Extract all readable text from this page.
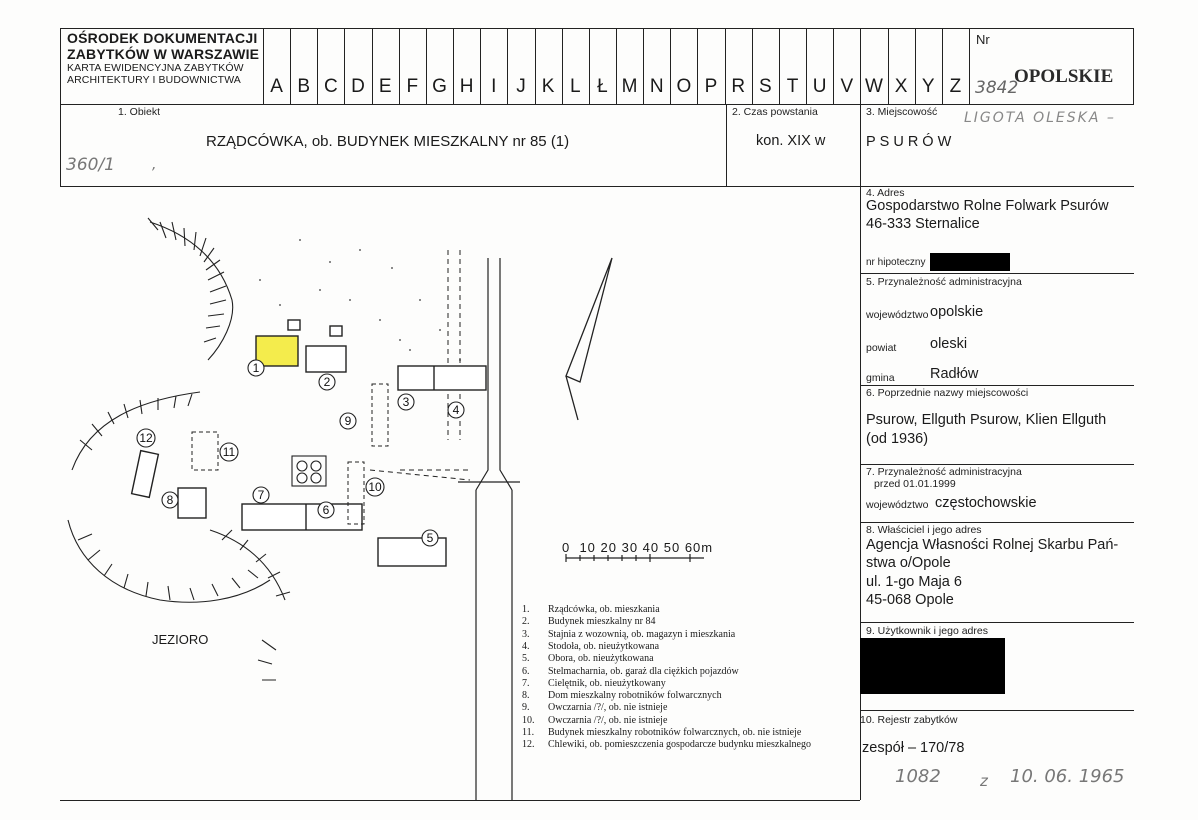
OŚRODEK DOKUMENTACJI
ZABYTKÓW W WARSZAWIE
KARTA EWIDENCYJNA ZABYTKÓW
ARCHITEKTURY I BUDOWNICTWA	A B C D E F G H I	J K L Ł M N O P R S T U V W X Y Z
Nr
3842
OPOLSKIE
1. Obiekt
RZĄDCÓWKA, ob. BUDYNEK MIESZKALNY nr 85 (1)
360/1	,
2. Czas powstania
kon. XIX w
3. Miejscowość
PSURÓW
LIGOTA OLESKA –
4. Adres
Gospodarstwo Rolne Folwark Psurów
46-333 Sternalice
nr hipoteczny
5. Przynależność administracyjna
województwo opolskie
powiat oleski
gmina Radłów
6. Poprzednie nazwy miejscowości
Psurow, Ellguth Psurow, Klien Ellguth
(od 1936)
7. Przynależność administracyjna
przed 01.01.1999
województwo częstochowskie
8. Właściciel i jego adres
Agencja Własności Rolnej Skarbu Pań-
stwa o/Opole
ul. 1-go Maja 6
45-068 Opole
9. Użytkownik i jego adres
10. Rejestr zabytków
zespół – 170/78
1082	z 10. 06. 1965
1
2
3
4
5
6
7
8
9
10
11
12
0  10 20 30 40 50 60m
JEZIORO
1. Rządcówka, ob. mieszkania
2. Budynek mieszkalny nr 84
3. Stajnia z wozownią, ob. magazyn i mieszkania
4. Stodoła, ob. nieużytkowana
5. Obora, ob. nieużytkowana
6. Stelmacharnia, ob. garaż dla ciężkich pojazdów
7. Cielętnik, ob. nieużytkowany
8. Dom mieszkalny robotników folwarcznych
9. Owczarnia /?/, ob. nie istnieje
10. Owczarnia /?/, ob. nie istnieje
11. Budynek mieszkalny robotników folwarcznych, ob. nie istnieje
12. Chlewiki, ob. pomieszczenia gospodarcze budynku mieszkalnego
